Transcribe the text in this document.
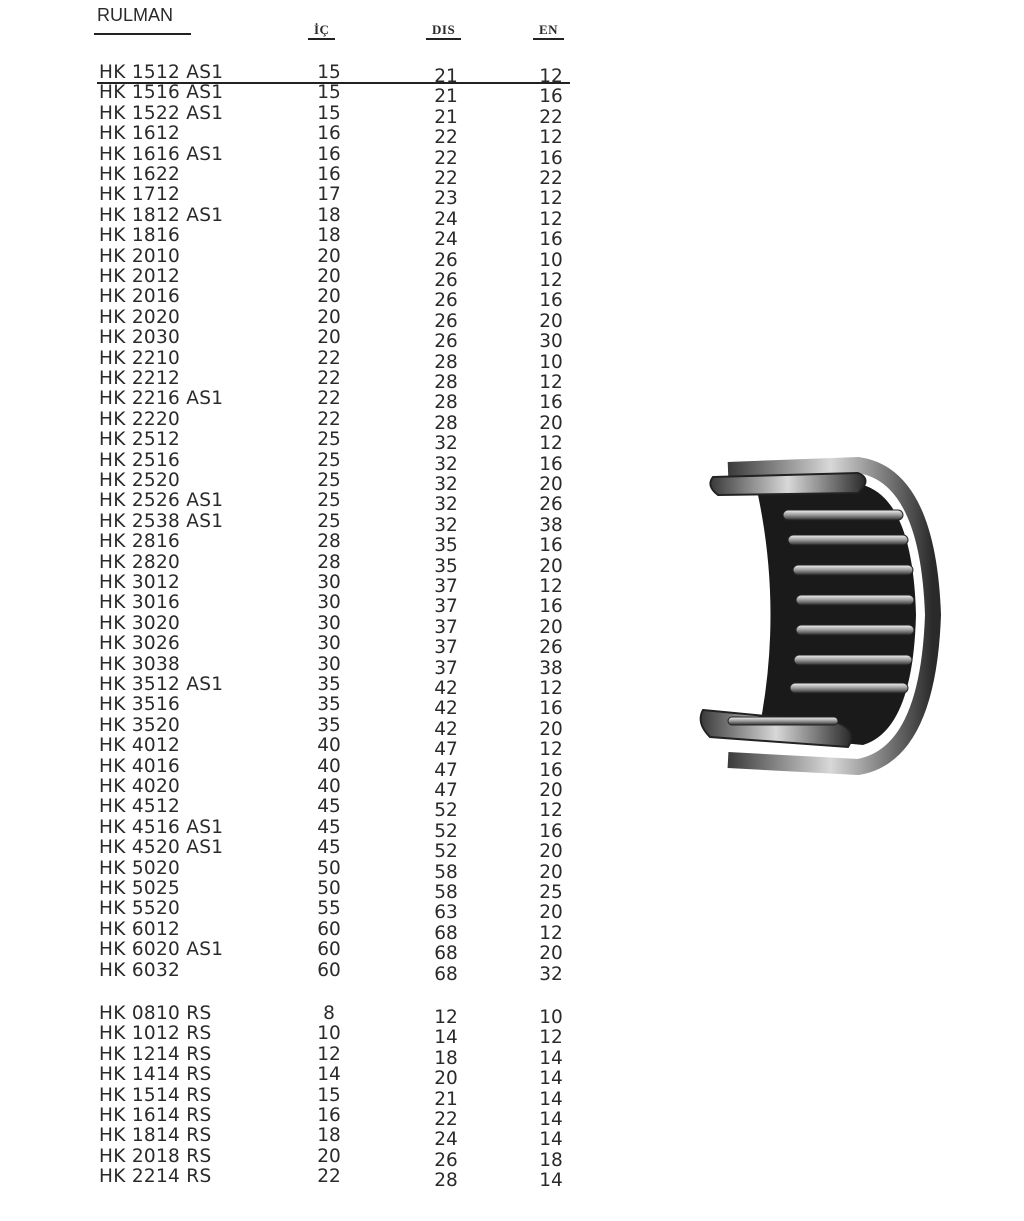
RULMAN
İÇ	DIS	EN
HK 1512 AS1	15	21	12
HK 1516 AS1	15	21	16
HK 1522 AS1	15	21	22
HK 1612	16	22	12
HK 1616 AS1	16	22	16
HK 1622	16	22	22
HK 1712	17	23	12
HK 1812 AS1	18	24	12
HK 1816	18	24	16
HK 2010	20	26	10
HK 2012	20	26	12
HK 2016	20	26	16
HK 2020	20	26	20
HK 2030	20	26	30
HK 2210	22	28	10
HK 2212	22	28	12
HK 2216 AS1	22	28	16
HK 2220	22	28	20
HK 2512	25	32	12
HK 2516	25	32	16
HK 2520	25	32	20
HK 2526 AS1	25	32	26
HK 2538 AS1	25	32	38
HK 2816	28	35	16
HK 2820	28	35	20
HK 3012	30	37	12
HK 3016	30	37	16
HK 3020	30	37	20
HK 3026	30	37	26
HK 3038	30	37	38
HK 3512 AS1	35	42	12
HK 3516	35	42	16
HK 3520	35	42	20
HK 4012	40	47	12
HK 4016	40	47	16
HK 4020	40	47	20
HK 4512	45	52	12
HK 4516 AS1	45	52	16
HK 4520 AS1	45	52	20
HK 5020	50	58	20
HK 5025	50	58	25
HK 5520	55	63	20
HK 6012	60	68	12
HK 6020 AS1	60	68	20
HK 6032	60	68	32
HK 0810 RS	8	12	10
HK 1012 RS	10	14	12
HK 1214 RS	12	18	14
HK 1414 RS	14	20	14
HK 1514 RS	15	21	14
HK 1614 RS	16	22	14
HK 1814 RS	18	24	14
HK 2018 RS	20	26	18
HK 2214 RS	22	28	14
